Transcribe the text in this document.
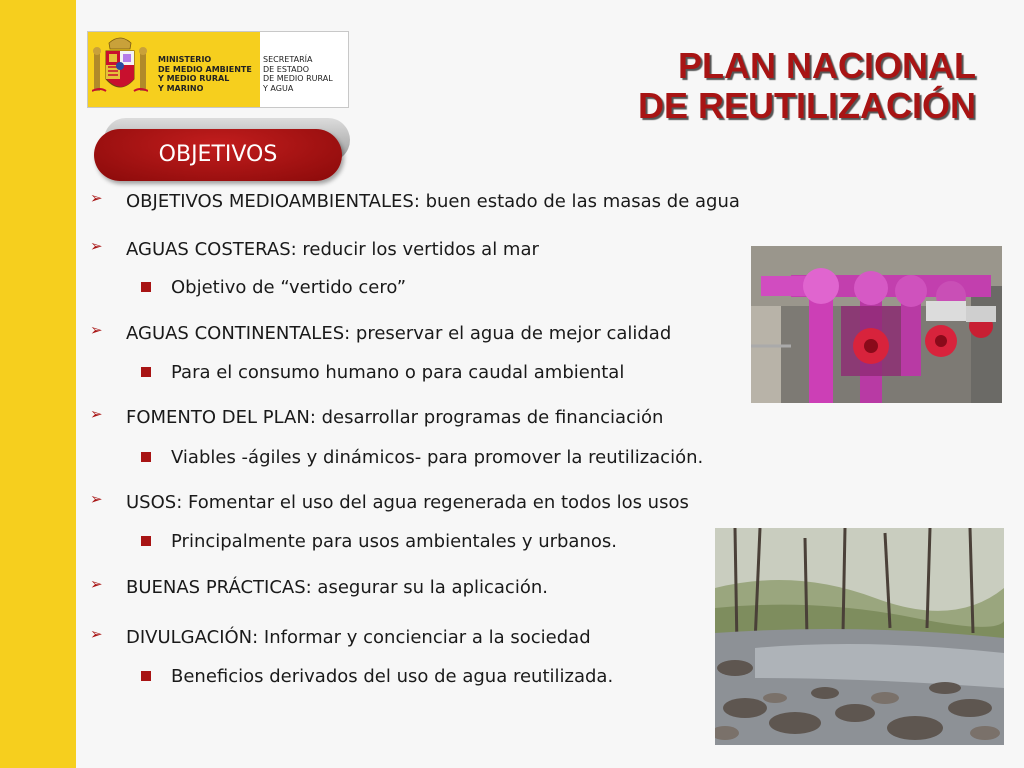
MINISTERIO
DE MEDIO AMBIENTE
Y MEDIO RURAL
Y MARINO
SECRETARÍA
DE ESTADO
DE MEDIO RURAL
Y AGUA
PLAN NACIONAL
DE REUTILIZACIÓN
OBJETIVOS
➢ OBJETIVOS MEDIOAMBIENTALES: buen estado de las masas de agua
➢ AGUAS COSTERAS: reducir los vertidos al mar
Objetivo de “vertido cero”
➢ AGUAS CONTINENTALES: preservar el agua de mejor calidad
Para el consumo humano o para caudal ambiental
➢ FOMENTO DEL PLAN: desarrollar programas de financiación
Viables -ágiles y dinámicos- para promover la reutilización.
➢ USOS: Fomentar el uso del agua regenerada en todos los usos
Principalmente para usos ambientales y urbanos.
➢ BUENAS PRÁCTICAS: asegurar su la aplicación.
➢ DIVULGACIÓN: Informar y concienciar a la sociedad
Beneficios derivados del uso de agua reutilizada.
